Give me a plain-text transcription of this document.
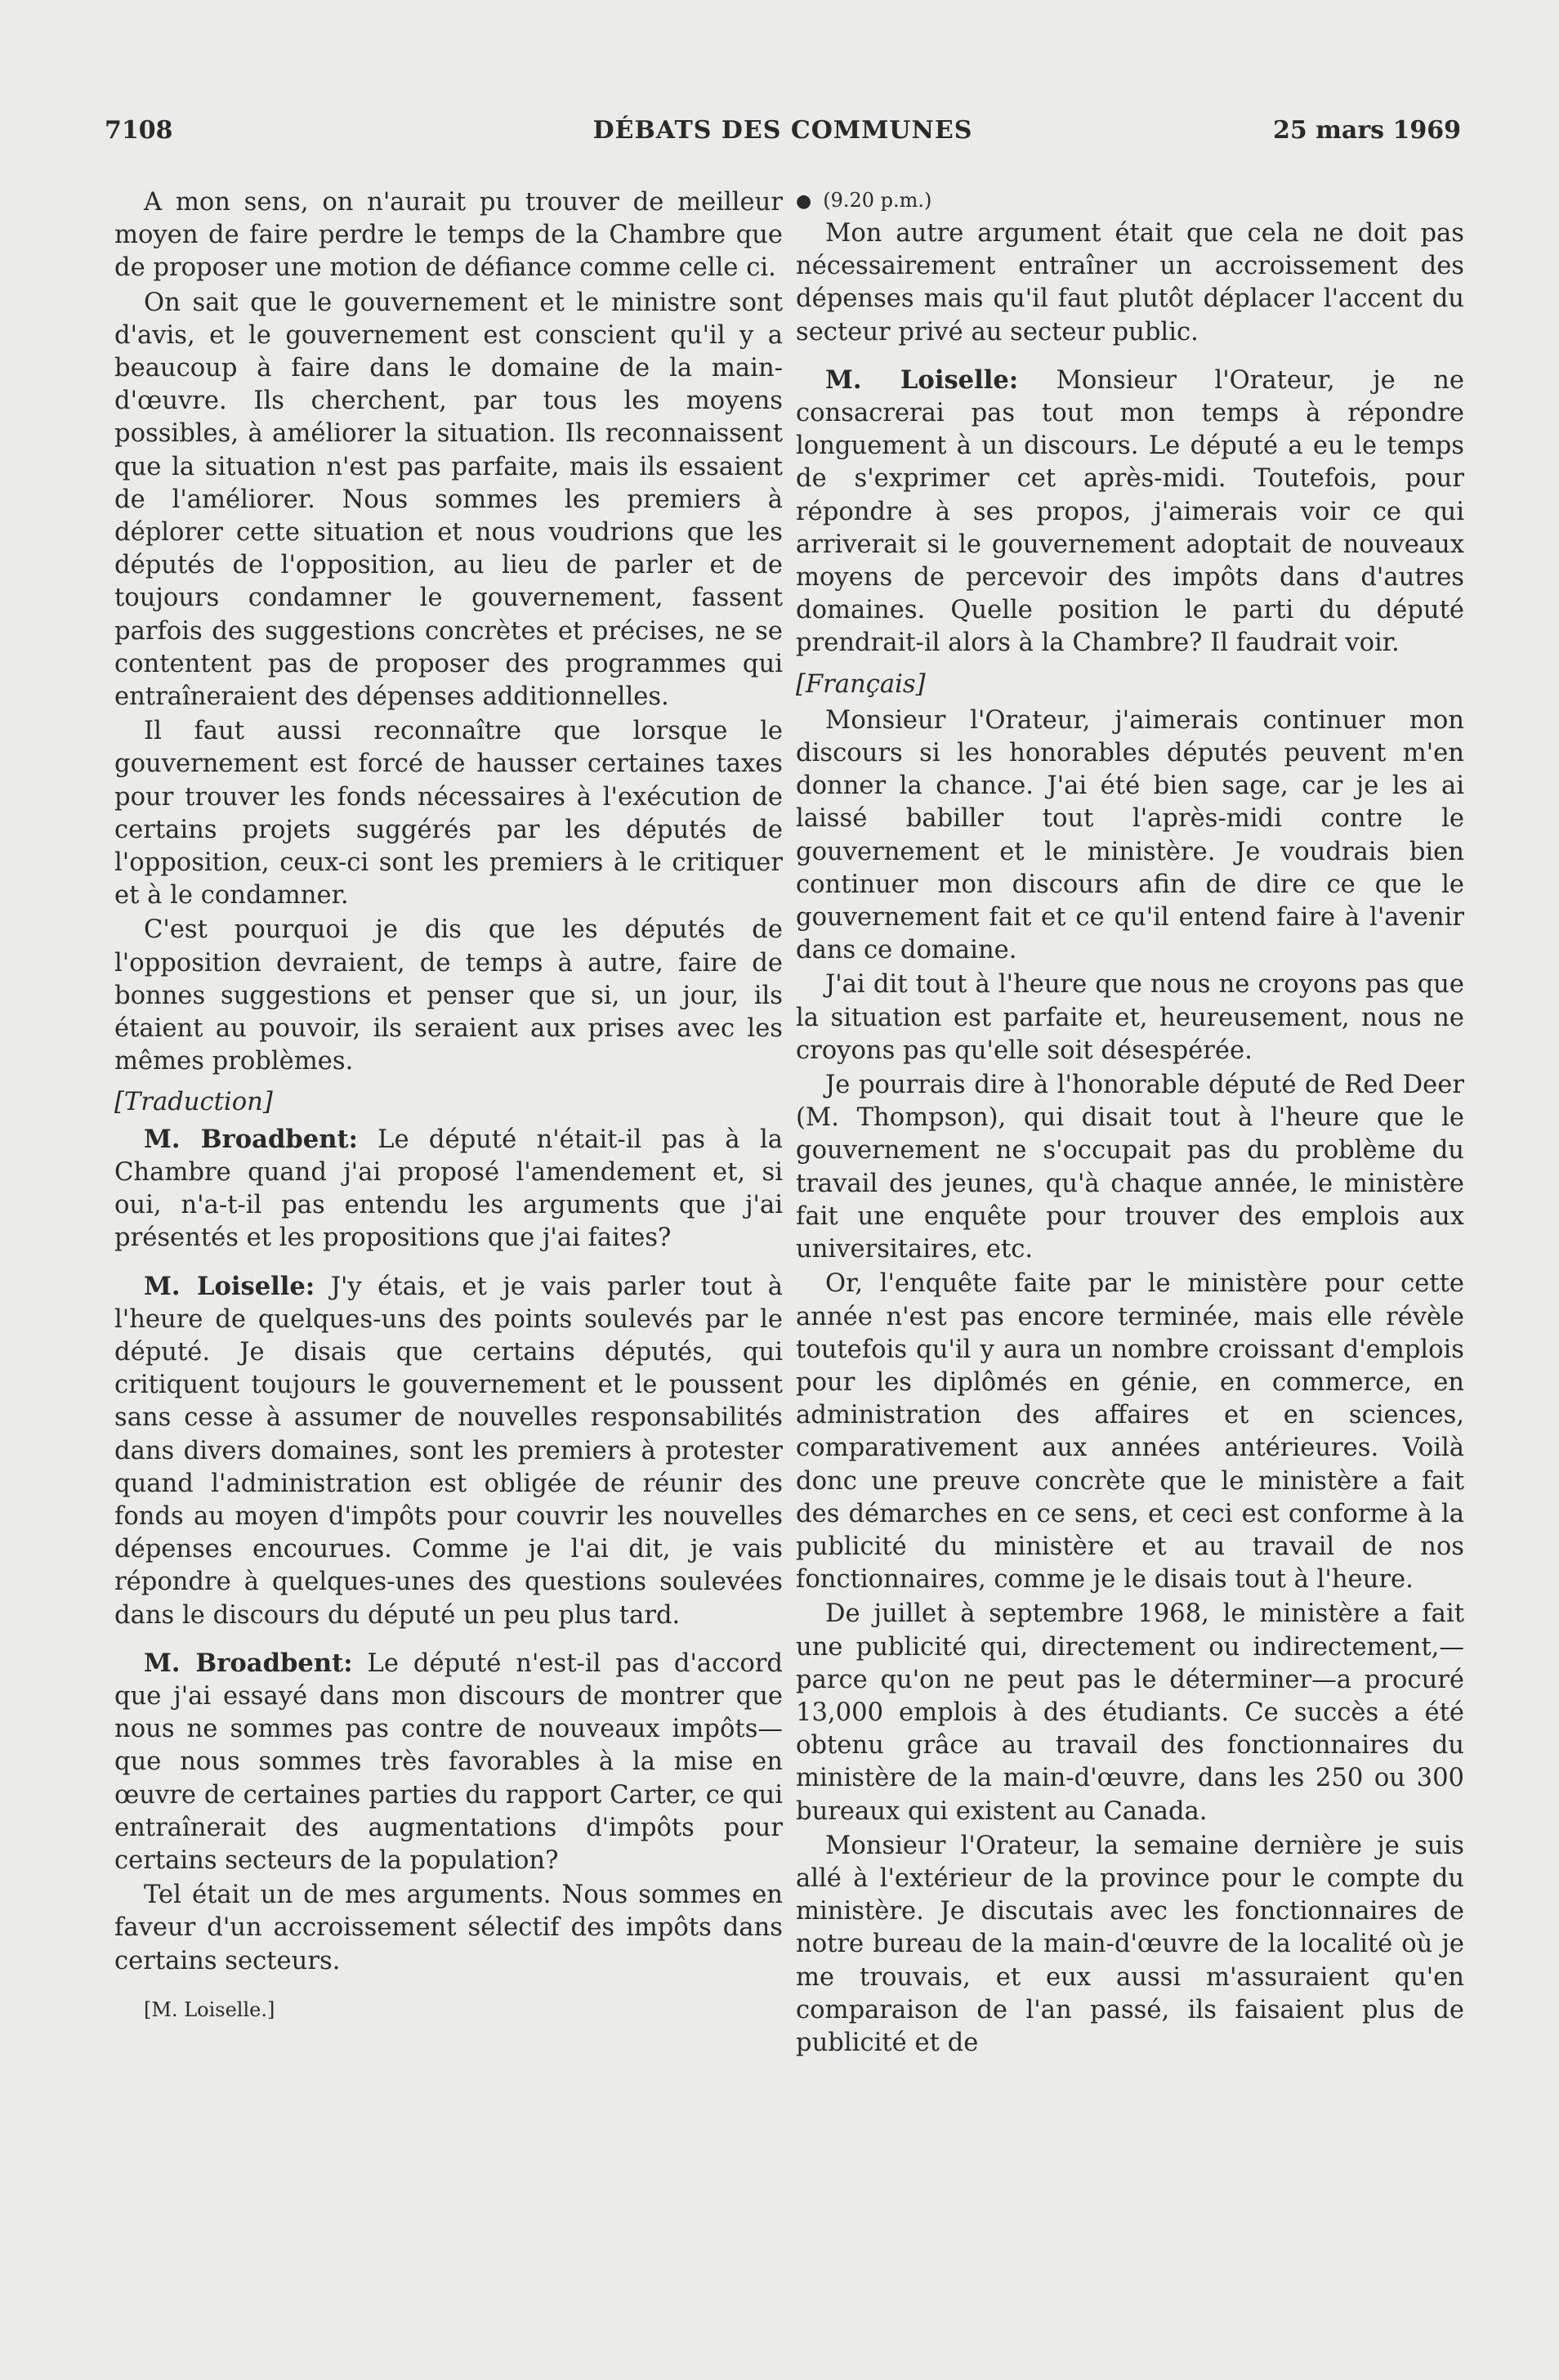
7108	DÉBATS DES COMMUNES	25 mars 1969

A mon sens, on n'aurait pu trouver de meilleur moyen de faire perdre le temps de la Chambre que de proposer une motion de défiance comme celle ci.

On sait que le gouvernement et le ministre sont d'avis, et le gouvernement est conscient qu'il y a beaucoup à faire dans le domaine de la main-d'œuvre. Ils cherchent, par tous les moyens possibles, à améliorer la situation. Ils reconnaissent que la situation n'est pas parfaite, mais ils essaient de l'améliorer. Nous sommes les premiers à déplorer cette situation et nous voudrions que les députés de l'opposition, au lieu de parler et de toujours condamner le gouvernement, fassent parfois des suggestions concrètes et précises, ne se contentent pas de proposer des programmes qui entraîneraient des dépenses additionnelles.

Il faut aussi reconnaître que lorsque le gouvernement est forcé de hausser certaines taxes pour trouver les fonds nécessaires à l'exécution de certains projets suggérés par les députés de l'opposition, ceux-ci sont les premiers à le critiquer et à le condamner.

C'est pourquoi je dis que les députés de l'opposition devraient, de temps à autre, faire de bonnes suggestions et penser que si, un jour, ils étaient au pouvoir, ils seraient aux prises avec les mêmes problèmes.

[Traduction]

M. Broadbent: Le député n'était-il pas à la Chambre quand j'ai proposé l'amendement et, si oui, n'a-t-il pas entendu les arguments que j'ai présentés et les propositions que j'ai faites?

M. Loiselle: J'y étais, et je vais parler tout à l'heure de quelques-uns des points soulevés par le député. Je disais que certains députés, qui critiquent toujours le gouvernement et le poussent sans cesse à assumer de nouvelles responsabilités dans divers domaines, sont les premiers à protester quand l'administration est obligée de réunir des fonds au moyen d'impôts pour couvrir les nouvelles dépenses encourues. Comme je l'ai dit, je vais répondre à quelques-unes des questions soulevées dans le discours du député un peu plus tard.

M. Broadbent: Le député n'est-il pas d'accord que j'ai essayé dans mon discours de montrer que nous ne sommes pas contre de nouveaux impôts—que nous sommes très favorables à la mise en œuvre de certaines parties du rapport Carter, ce qui entraînerait des augmentations d'impôts pour certains secteurs de la population?

Tel était un de mes arguments. Nous sommes en faveur d'un accroissement sélectif des impôts dans certains secteurs.

[M. Loiselle.]

● (9.20 p.m.)

Mon autre argument était que cela ne doit pas nécessairement entraîner un accroissement des dépenses mais qu'il faut plutôt déplacer l'accent du secteur privé au secteur public.

M. Loiselle: Monsieur l'Orateur, je ne consacrerai pas tout mon temps à répondre longuement à un discours. Le député a eu le temps de s'exprimer cet après-midi. Toutefois, pour répondre à ses propos, j'aimerais voir ce qui arriverait si le gouvernement adoptait de nouveaux moyens de percevoir des impôts dans d'autres domaines. Quelle position le parti du député prendrait-il alors à la Chambre? Il faudrait voir.

[Français]

Monsieur l'Orateur, j'aimerais continuer mon discours si les honorables députés peuvent m'en donner la chance. J'ai été bien sage, car je les ai laissé babiller tout l'après-midi contre le gouvernement et le ministère. Je voudrais bien continuer mon discours afin de dire ce que le gouvernement fait et ce qu'il entend faire à l'avenir dans ce domaine.

J'ai dit tout à l'heure que nous ne croyons pas que la situation est parfaite et, heureusement, nous ne croyons pas qu'elle soit désespérée.

Je pourrais dire à l'honorable député de Red Deer (M. Thompson), qui disait tout à l'heure que le gouvernement ne s'occupait pas du problème du travail des jeunes, qu'à chaque année, le ministère fait une enquête pour trouver des emplois aux universitaires, etc.

Or, l'enquête faite par le ministère pour cette année n'est pas encore terminée, mais elle révèle toutefois qu'il y aura un nombre croissant d'emplois pour les diplômés en génie, en commerce, en administration des affaires et en sciences, comparativement aux années antérieures. Voilà donc une preuve concrète que le ministère a fait des démarches en ce sens, et ceci est conforme à la publicité du ministère et au travail de nos fonctionnaires, comme je le disais tout à l'heure.

De juillet à septembre 1968, le ministère a fait une publicité qui, directement ou indirectement,—parce qu'on ne peut pas le déterminer—a procuré 13,000 emplois à des étudiants. Ce succès a été obtenu grâce au travail des fonctionnaires du ministère de la main-d'œuvre, dans les 250 ou 300 bureaux qui existent au Canada.

Monsieur l'Orateur, la semaine dernière je suis allé à l'extérieur de la province pour le compte du ministère. Je discutais avec les fonctionnaires de notre bureau de la main-d'œuvre de la localité où je me trouvais, et eux aussi m'assuraient qu'en comparaison de l'an passé, ils faisaient plus de publicité et de
